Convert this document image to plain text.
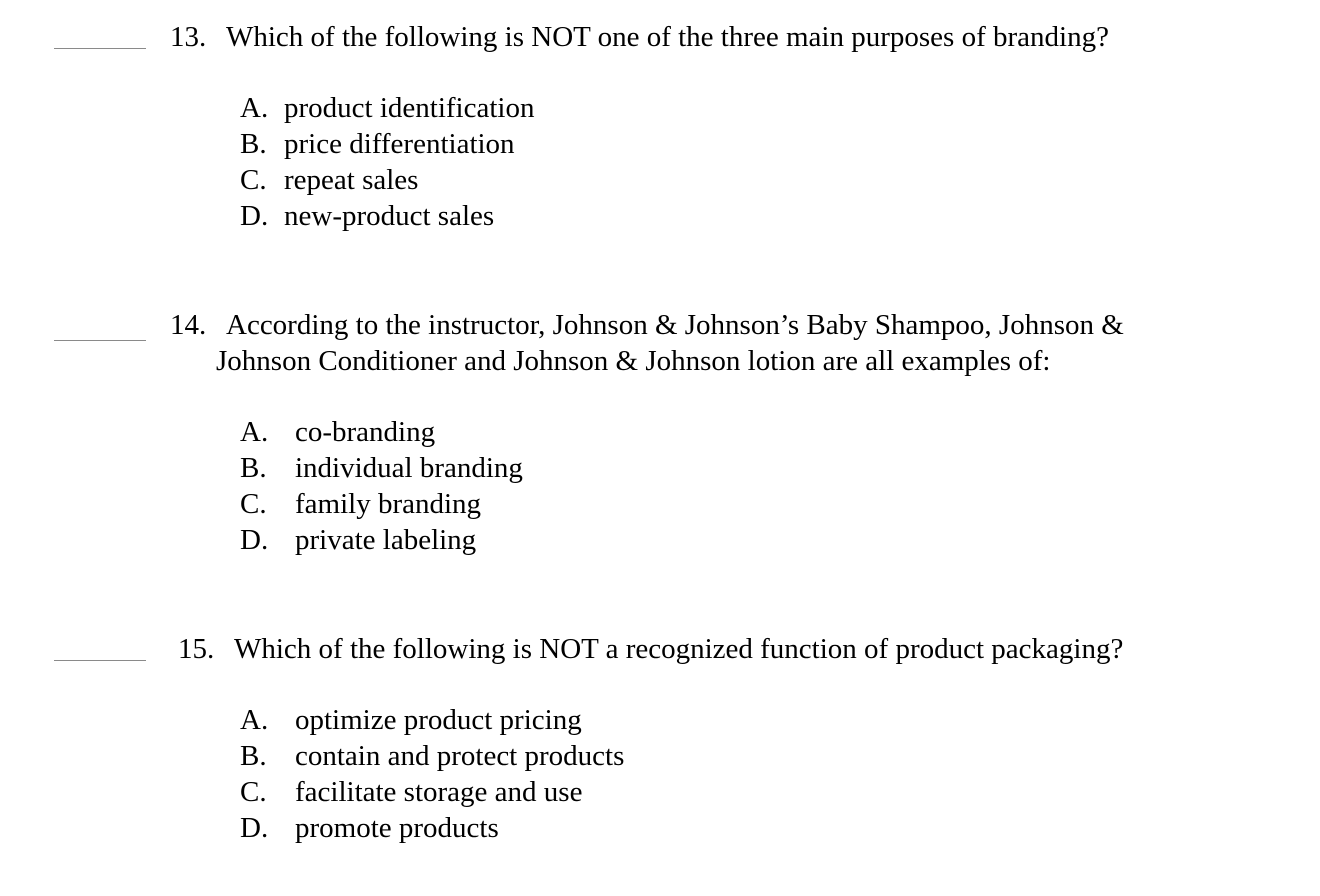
13. Which of the following is NOT one of the three main purposes of branding?
A. product identification
B. price differentiation
C. repeat sales
D. new-product sales
14. According to the instructor, Johnson & Johnson’s Baby Shampoo, Johnson &
Johnson Conditioner and Johnson & Johnson lotion are all examples of:
A. co-branding
B. individual branding
C. family branding
D. private labeling
15. Which of the following is NOT a recognized function of product packaging?
A. optimize product pricing
B. contain and protect products
C. facilitate storage and use
D. promote products
